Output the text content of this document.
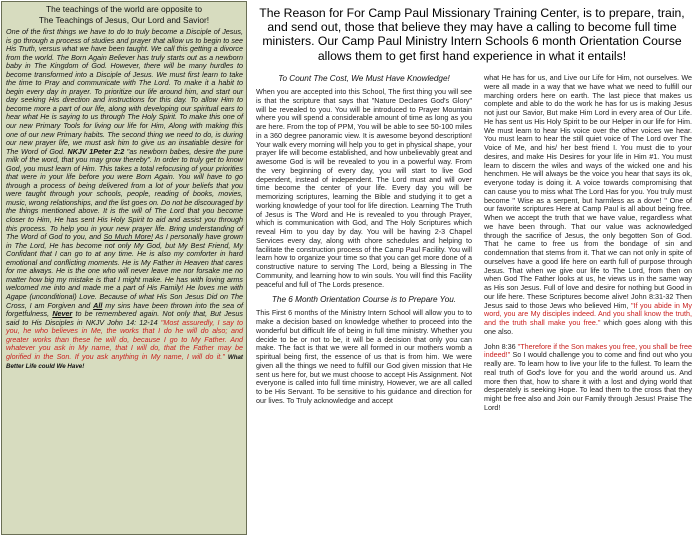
The teachings of the world are opposite to
The Teachings of Jesus, Our Lord and Savior!

One of the first things we have to do to truly become a Disciple of Jesus, is go through a process of studies and prayer that allow us to begin to see His Truth, versus what we have been taught. We call this getting a divorce from the world. The Born Again Believer has truly starts out as a newborn baby in The Kingdom of God. However, there will be many hurdles to become transformed into a Disciple of Jesus. We must first learn to take the time to Pray and communicate with The Lord. To make it a habit to begin every day in prayer. To prioritize our life around him, and start our day seeking His direction and instructions for this day. To allow Him to become more a part of our life, along with developing our spiritual ears to hear what He is saying to us through The Holy Spirit. To make this one of our new Primary Tools for living our life for Him, Along with making this one of our new Primary habits. The second thing we need to do, is during our new prayer life, we must ask him to give us an insatiable desire for The Word of God. NKJV 1Peter 2:2 "as newborn babes, desire the pure milk of the word, that you may grow thereby". In order to truly get to know God, you must learn of Him. This takes a total refocusing of your priorities that were in your life before you were Born Again. You will have to go through a process of being delivered from a lot of your beliefs that you were taught through your schools, people, reading of books, movies, music, wrong relationships, and the list goes on. Do not be discouraged by the things mentioned above. It is the will of The Lord that you become closer to Him, He has sent His Holy Spirit to aid and assist you through this process. To help you in your new prayer life. Bring understanding of The Word of God to you, and So Much More! As I personally have grown in The Lord, He has become not only My God, but My Best Friend, My Confidant that I can go to at any time. He is also my comforter in hard emotional and conflicting moments. He is My Father in Heaven that cares for me always. He is the one who will never leave me nor forsake me no matter how big my mistake is that I might make. He has with loving arms welcomed me into and made me a part of His Family! He loves me with Agape (unconditional) Love. Because of what His Son Jesus Did on The Cross, I am Forgiven and All my sins have been thrown into the sea of forgetfulness, Never to be remembered again. Not only that, But Jesus said to His Disciples in NKJV John 14: 12-14 "Most assuredly, I say to you, he who believes in Me, the works that I do he will do also; and greater works than these he will do, because I go to My Father. And whatever you ask in My name, that I will do, that the Father may be glorified in the Son. If you ask anything in My name, I will do it." What Better Life could We Have!

The Reason for For Camp Paul Missionary Training Center, is to prepare, train, and send out, those that believe they may have a calling to become full time ministers. Our Camp Paul Ministry Intern Schools 6 month Orientation Course allows them to get first hand experience in what it entails!
To Count The Cost, We Must Have Knowledge!

When you are accepted into this School, The first thing you will see is that the scripture that says that "Nature Declares God's Glory" will be revealed to you. You will be introduced to Prayer Mountain where you will spend a considerable amount of time as long as you are here. From the top of PPM, You will be able to see 50-100 miles in a 360 degree panoramic view. It is awesome beyond description! Your walk every morning will help you to get in physical shape, your prayer life will become established, and how unbelievably great and awesome God is will be revealed to you in a powerful way. From the very beginning of every day, you will start to live God dependent, instead of independent. The Lord must and will over time become the center of your life. Every day you will be memorizing scriptures, learning the Bible and studying it to get a working knowledge of your tool for life direction. Learning The Truth of Jesus is The Word and He is revealed to you through Prayer, which is communication with God, and The Holy Scriptures which reveal Him to you day by day. You will be having 2-3 Chapel Services every day, along with chore schedules and helping to facilitate the construction process of the Camp Paul Facility. You will learn how to organize your time so that you can get more done of a constructive nature to serving The Lord, being a Blessing in The Community, and learning how to win souls. You will find this Facility peaceful and full of The Lords presence.

The 6 Month Orientation Course is to Prepare You.

This First 6 months of the Ministry Intern School will allow you to to make a decision based on knowledge whether to proceed into the wonderful but difficult life of being in full time ministry. Whether you decide to be or not to be, it will be a decision that only you can make. The fact is that we were all formed in our mothers womb a spiritual being first, the essence of us that is from him. We were given all the things we need to fulfill our God given mission that He sent us here for, but we must choose to accept His Assignment. Not everyone is called into full time ministry, However, we are all called to be His Servant. To be sensitive to his guidance and direction for our lives. To Truly acknowledge and accept

what He has for us, and Live our Life for Him, not ourselves. We were all made in a way that we have what we need to fulfill our marching orders here on earth. The last piece that makes us complete and able to do the work he has for us is making Jesus not just our Savior, But make Him Lord in every area of Our Life. He has sent us His Holy Spirit to be our Helper in our life for Him. We must learn to hear His voice over the other voices we hear. You must learn to hear the still quiet voice of The Lord over The Voice of Me, and his/ her best friend I. You must die to your desires, and make His Desires for your life in Him #1. You must learn to discern the wiles and ways of the wicked one and his henchmen. He will always be the voice you hear that says its ok, everyone today is doing it. A voice towards compromising that can cause you to miss what The Lord Has for you. You truly must become " Wise as a serpent, but harmless as a dove! " One of our favorite scriptures Here at Camp Paul is all about being free. When we accept the truth that we have value, regardless what we have been through. That our value was acknowledged through the sacrifice of Jesus, the only begotten Son of God. That he came to free us from the bondage of sin and condemnation that stems from it. That we can not only in spite of ourselves have a good life here on earth full of purpose through Jesus. That when we give our life to The Lord, from then on when God The Father looks at us, he views us in the same way as His son Jesus. Full of love and desire for nothing but Good in our life here. These Scriptures become alive! John 8:31-32 Then Jesus said to those Jews who believed Him, "If you abide in My word, you are My disciples indeed. And you shall know the truth, and the truth shall make you free." which goes along with this one also.

John 8:36 "Therefore if the Son makes you free, you shall be free indeed!" So I would challenge you to come and find out who you really are. To learn how to live your life to the fullest. To learn the real truth of God's love for you and the world around us. And more then that, how to share it with a lost and dying world that desperately is seeking Hope. To lead them to the cross that they might be free also and Join our Family through Jesus! Praise The Lord!
